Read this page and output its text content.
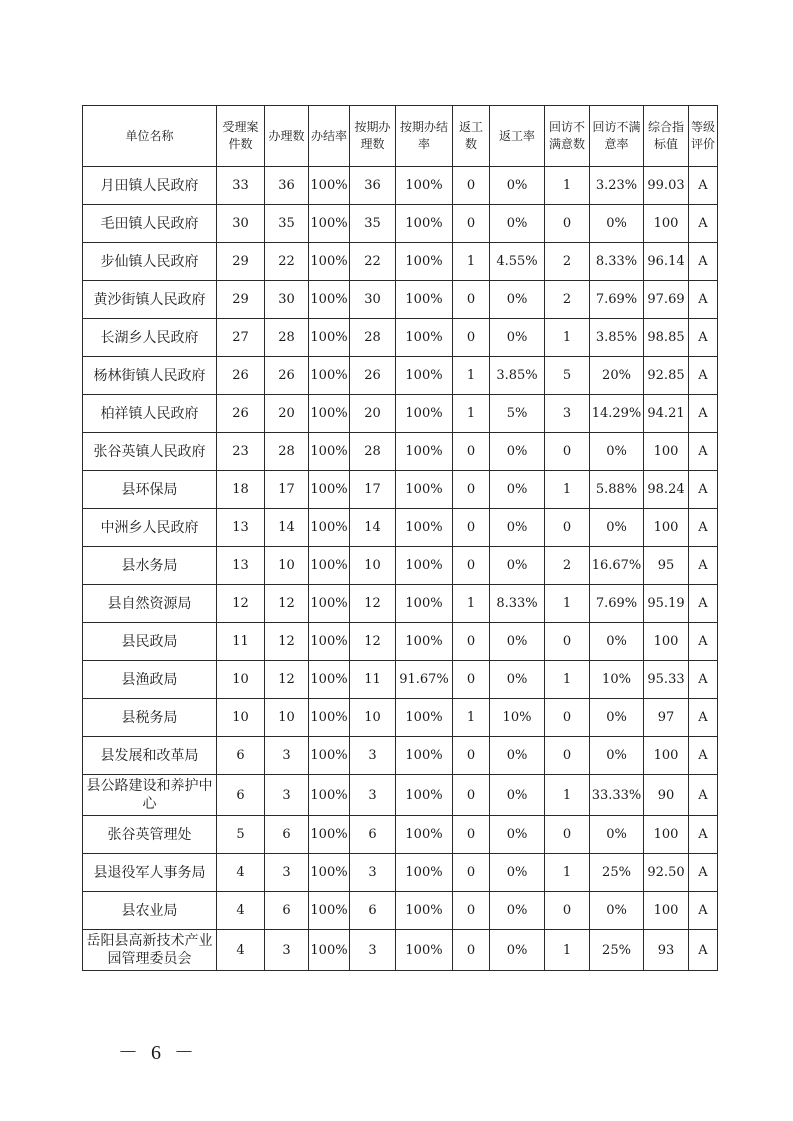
单位名称	受理案件数	办理数	办结率	按期办理数	按期办结率	返工数	返工率	回访不满意数	回访不满意率	综合指标值	等级评价
月田镇人民政府	33	36	100%	36	100%	0	0%	1	3.23%	99.03	A
毛田镇人民政府	30	35	100%	35	100%	0	0%	0	0%	100	A
步仙镇人民政府	29	22	100%	22	100%	1	4.55%	2	8.33%	96.14	A
黄沙街镇人民政府	29	30	100%	30	100%	0	0%	2	7.69%	97.69	A
长湖乡人民政府	27	28	100%	28	100%	0	0%	1	3.85%	98.85	A
杨林街镇人民政府	26	26	100%	26	100%	1	3.85%	5	20%	92.85	A
柏祥镇人民政府	26	20	100%	20	100%	1	5%	3	14.29%	94.21	A
张谷英镇人民政府	23	28	100%	28	100%	0	0%	0	0%	100	A
县环保局	18	17	100%	17	100%	0	0%	1	5.88%	98.24	A
中洲乡人民政府	13	14	100%	14	100%	0	0%	0	0%	100	A
县水务局	13	10	100%	10	100%	0	0%	2	16.67%	95	A
县自然资源局	12	12	100%	12	100%	1	8.33%	1	7.69%	95.19	A
县民政局	11	12	100%	12	100%	0	0%	0	0%	100	A
县渔政局	10	12	100%	11	91.67%	0	0%	1	10%	95.33	A
县税务局	10	10	100%	10	100%	1	10%	0	0%	97	A
县发展和改革局	6	3	100%	3	100%	0	0%	0	0%	100	A
县公路建设和养护中心	6	3	100%	3	100%	0	0%	1	33.33%	90	A
张谷英管理处	5	6	100%	6	100%	0	0%	0	0%	100	A
县退役军人事务局	4	3	100%	3	100%	0	0%	1	25%	92.50	A
县农业局	4	6	100%	6	100%	0	0%	0	0%	100	A
岳阳县高新技术产业园管理委员会	4	3	100%	3	100%	0	0%	1	25%	93	A
－ 6 －
